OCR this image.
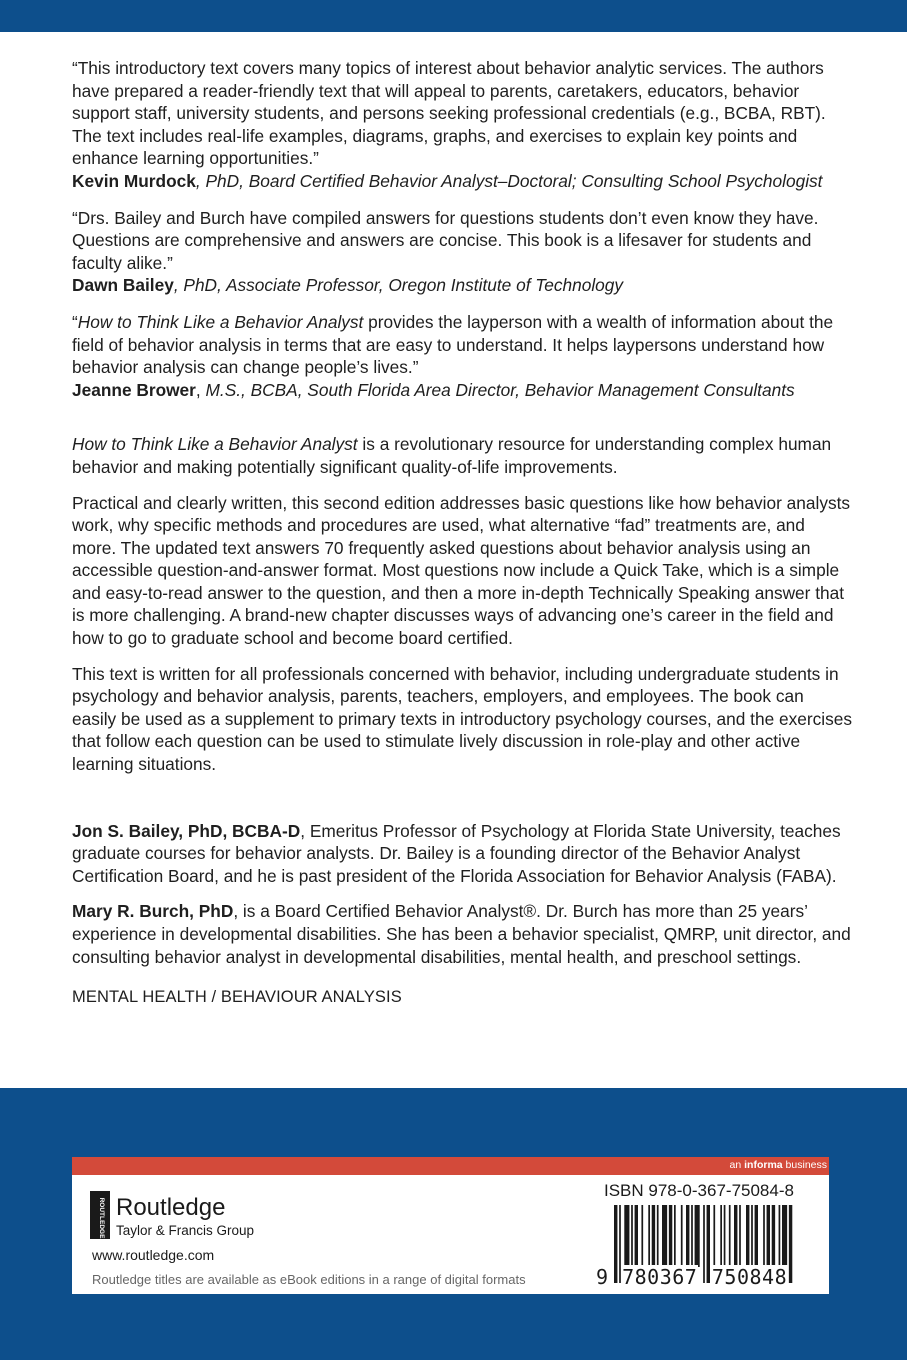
“This introductory text covers many topics of interest about behavior analytic services. The authors have prepared a reader-friendly text that will appeal to parents, caretakers, educators, behavior support staff, university students, and persons seeking professional credentials (e.g., BCBA, RBT). The text includes real-life examples, diagrams, graphs, and exercises to explain key points and enhance learning opportunities.”

Kevin Murdock, PhD, Board Certified Behavior Analyst–Doctoral; Consulting School Psychologist

“Drs. Bailey and Burch have compiled answers for questions students don’t even know they have. Questions are comprehensive and answers are concise. This book is a lifesaver for students and faculty alike.”

Dawn Bailey, PhD, Associate Professor, Oregon Institute of Technology

“How to Think Like a Behavior Analyst provides the layperson with a wealth of information about the field of behavior analysis in terms that are easy to understand. It helps laypersons understand how behavior analysis can change people’s lives.”

Jeanne Brower, M.S., BCBA, South Florida Area Director, Behavior Management Consultants

How to Think Like a Behavior Analyst is a revolutionary resource for understanding complex human behavior and making potentially significant quality-of-life improvements.

Practical and clearly written, this second edition addresses basic questions like how behavior analysts work, why specific methods and procedures are used, what alternative “fad” treatments are, and more. The updated text answers 70 frequently asked questions about behavior analysis using an accessible question-and-answer format. Most questions now include a Quick Take, which is a simple and easy-to-read answer to the question, and then a more in-depth Technically Speaking answer that is more challenging. A brand-new chapter discusses ways of advancing one’s career in the field and how to go to graduate school and become board certified.

This text is written for all professionals concerned with behavior, including undergraduate students in psychology and behavior analysis, parents, teachers, employers, and employees. The book can easily be used as a supplement to primary texts in introductory psychology courses, and the exercises that follow each question can be used to stimulate lively discussion in role-play and other active learning situations.

Jon S. Bailey, PhD, BCBA-D, Emeritus Professor of Psychology at Florida State University, teaches graduate courses for behavior analysts. Dr. Bailey is a founding director of the Behavior Analyst Certification Board, and he is past president of the Florida Association for Behavior Analysis (FABA).

Mary R. Burch, PhD, is a Board Certified Behavior Analyst®. Dr. Burch has more than 25 years’ experience in developmental disabilities. She has been a behavior specialist, QMRP, unit director, and consulting behavior analyst in developmental disabilities, mental health, and preschool settings.

MENTAL HEALTH / BEHAVIOUR ANALYSIS
an informa business
ROUTLEDGE Routledge
Taylor & Francis Group
www.routledge.com
Routledge titles are available as eBook editions in a range of digital formats
ISBN 978-0-367-75084-8
9 780367 750848
